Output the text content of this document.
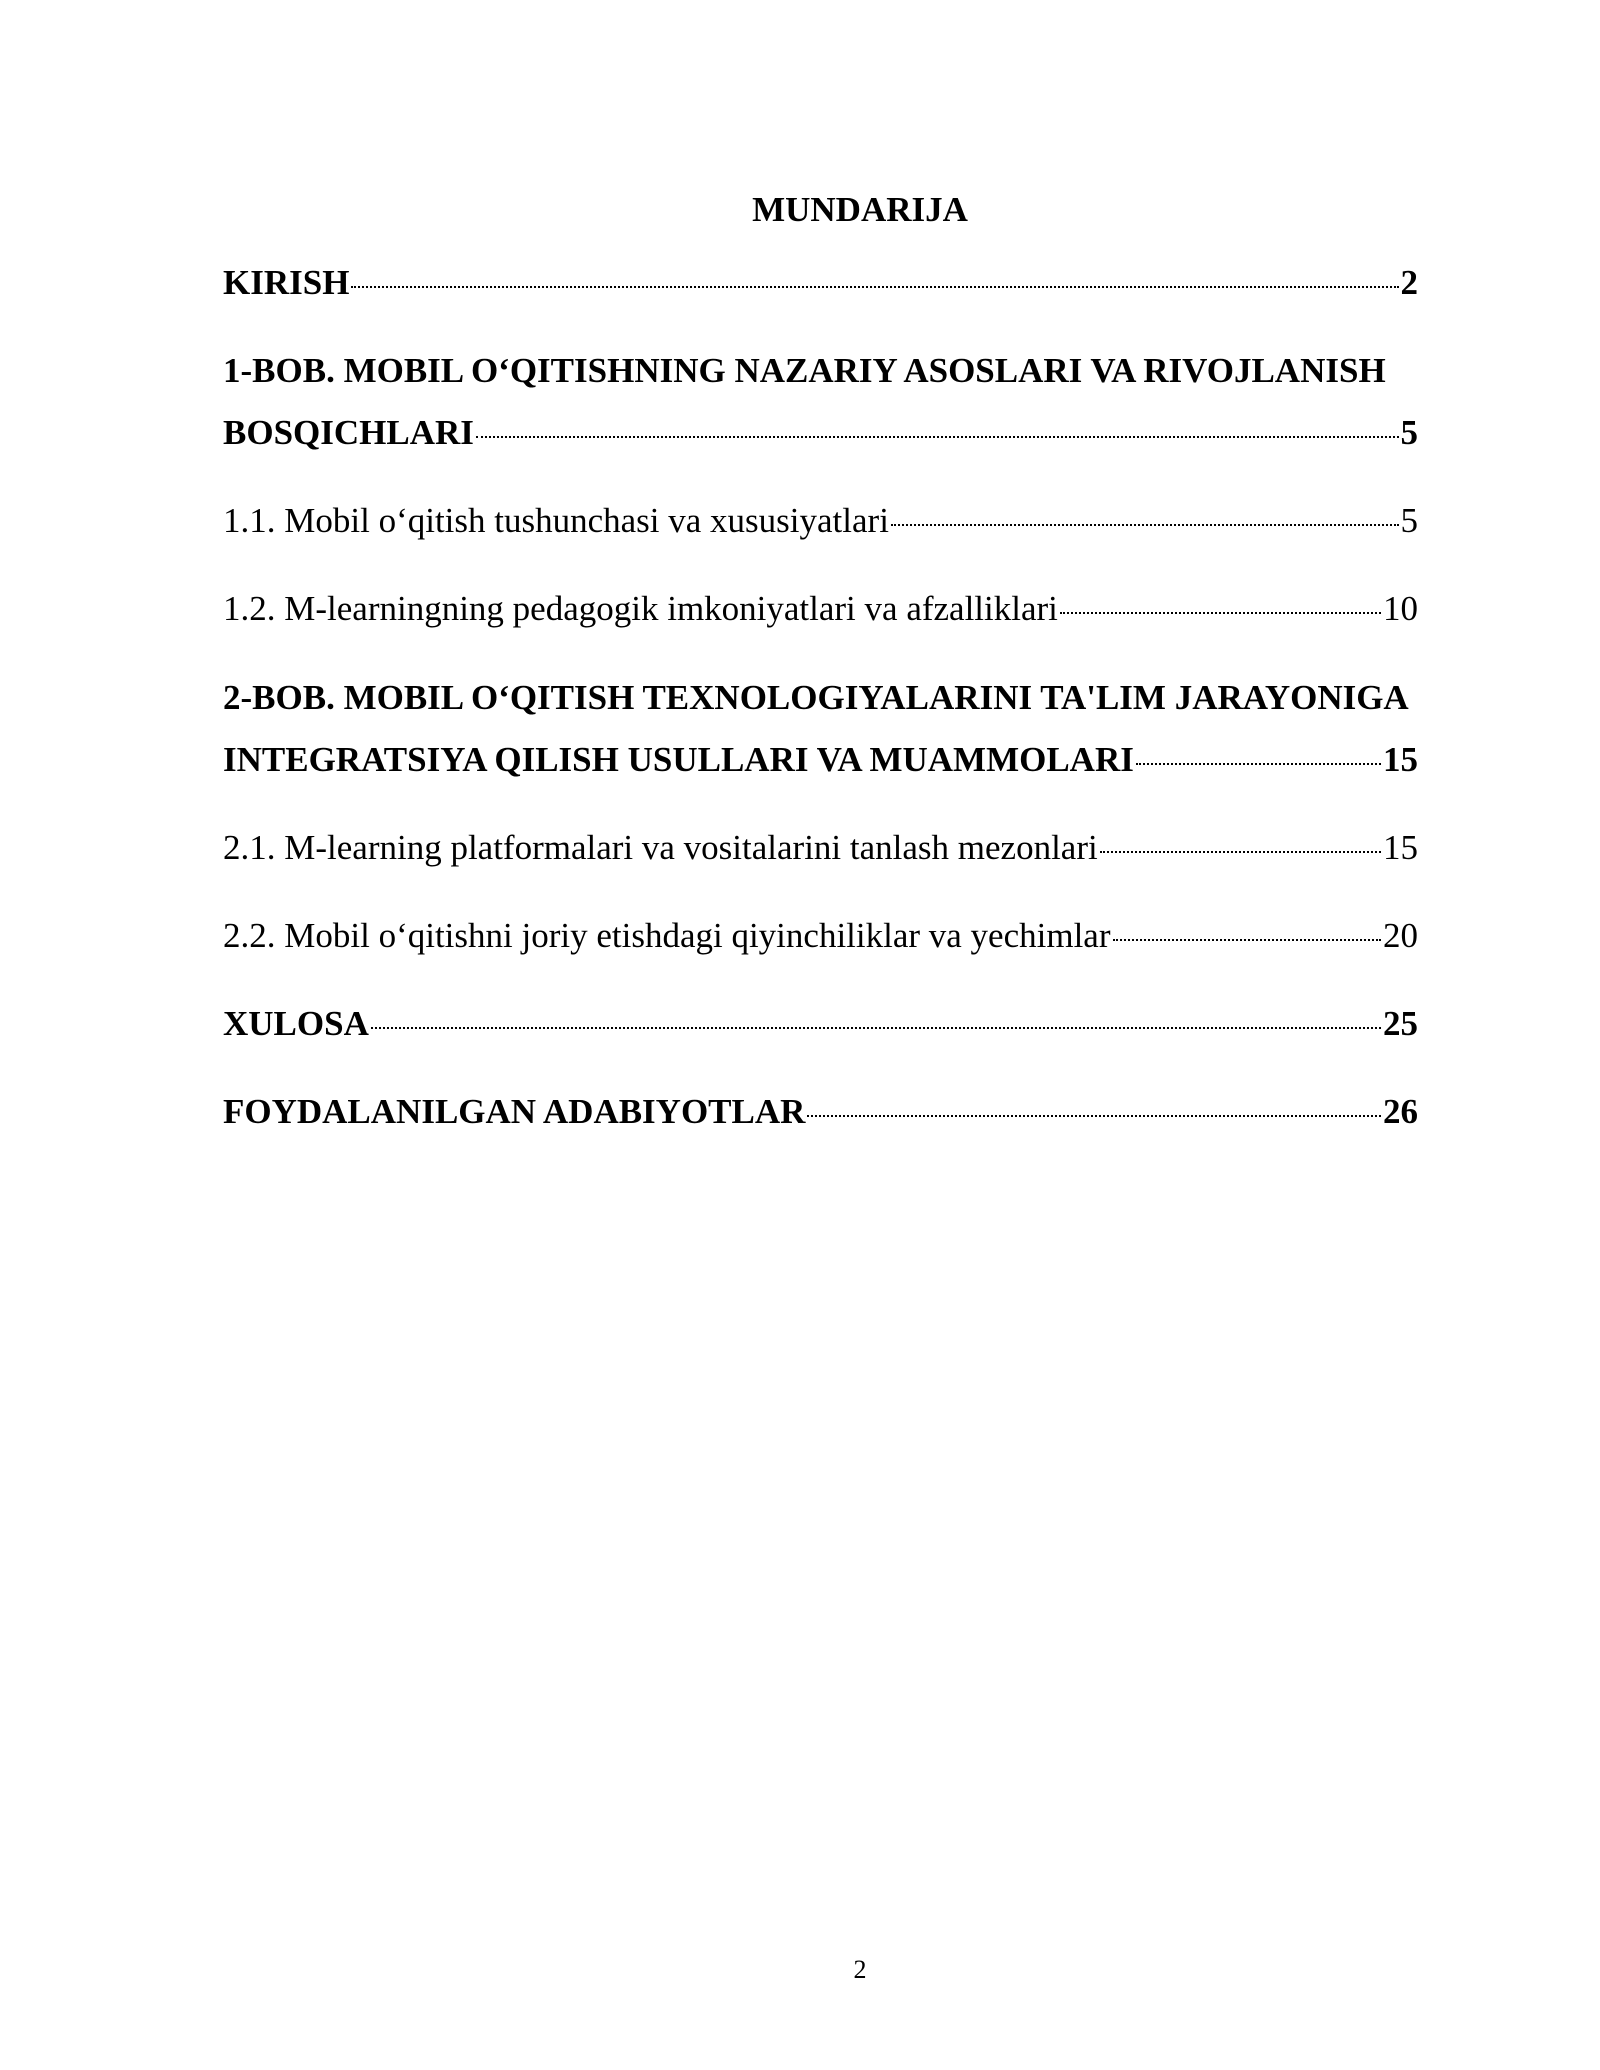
MUNDARIJA
KIRISH	2
1-BOB. MOBIL O‘QITISHNING NAZARIY ASOSLARI VA RIVOJLANISH
BOSQICHLARI	5
1.1. Mobil o‘qitish tushunchasi va xususiyatlari	5
1.2. M-learningning pedagogik imkoniyatlari va afzalliklari	10
2-BOB. MOBIL O‘QITISH TEXNOLOGIYALARINI TA'LIM JARAYONIGA
INTEGRATSIYA QILISH USULLARI VA MUAMMOLARI	15
2.1. M-learning platformalari va vositalarini tanlash mezonlari	15
2.2. Mobil o‘qitishni joriy etishdagi qiyinchiliklar va yechimlar	20
XULOSA	25
FOYDALANILGAN ADABIYOTLAR	26
2
